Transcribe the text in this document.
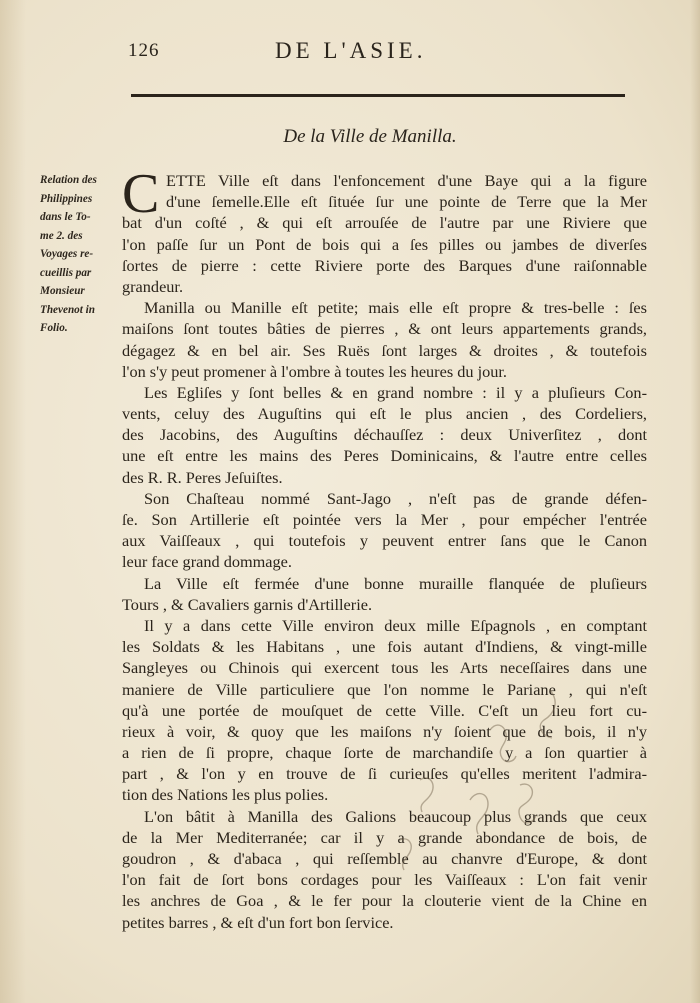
126	DE L'ASIE.
De la Ville de Manilla.
Relation des
Philippines
dans le To-
me 2. des
Voyages re-
cueillis par
Monsieur
Thevenot in
Folio.
C ETTE Ville eſt dans l'enfoncement d'une Baye qui a la figure
d'une ſemelle.Elle eſt ſituée ſur une pointe de Terre que la Mer
bat d'un coſté , & qui eſt arrouſée de l'autre par une Riviere que
l'on paſſe ſur un Pont de bois qui a ſes pilles ou jambes de diverſes
ſortes de pierre : cette Riviere porte des Barques d'une raiſonnable
grandeur.
Manilla ou Manille eſt petite; mais elle eſt propre & tres-belle : ſes
maiſons ſont toutes bâties de pierres , & ont leurs appartements grands,
dégagez & en bel air. Ses Ruës ſont larges & droites , & toutefois
l'on s'y peut promener à l'ombre à toutes les heures du jour.
Les Egliſes y ſont belles & en grand nombre : il y a pluſieurs Con-
vents, celuy des Auguſtins qui eſt le plus ancien , des Cordeliers,
des Jacobins, des Auguſtins déchauſſez : deux Univerſitez , dont
une eſt entre les mains des Peres Dominicains, & l'autre entre celles
des R. R. Peres Jeſuiſtes.
Son Chaſteau nommé Sant-Jago , n'eſt pas de grande défen-
ſe. Son Artillerie eſt pointée vers la Mer , pour empécher l'entrée
aux Vaiſſeaux , qui toutefois y peuvent entrer ſans que le Canon
leur face grand dommage.
La Ville eſt fermée d'une bonne muraille flanquée de pluſieurs
Tours , & Cavaliers garnis d'Artillerie.
Il y a dans cette Ville environ deux mille Eſpagnols , en comptant
les Soldats & les Habitans , une fois autant d'Indiens, & vingt-mille
Sangleyes ou Chinois qui exercent tous les Arts neceſſaires dans une
maniere de Ville particuliere que l'on nomme le Pariane , qui n'eſt
qu'à une portée de mouſquet de cette Ville. C'eſt un lieu fort cu-
rieux à voir, & quoy que les maiſons n'y ſoient que de bois, il n'y
a rien de ſi propre, chaque ſorte de marchandiſe y a ſon quartier à
part , & l'on y en trouve de ſi curieuſes qu'elles meritent l'admira-
tion des Nations les plus polies.
L'on bâtit à Manilla des Galions beaucoup plus grands que ceux
de la Mer Mediterranée; car il y a grande abondance de bois, de
goudron , & d'abaca , qui reſſemble au chanvre d'Europe, & dont
l'on fait de ſort bons cordages pour les Vaiſſeaux : L'on fait venir
les anchres de Goa , & le fer pour la clouterie vient de la Chine en
petites barres , & eſt d'un fort bon ſervice.
